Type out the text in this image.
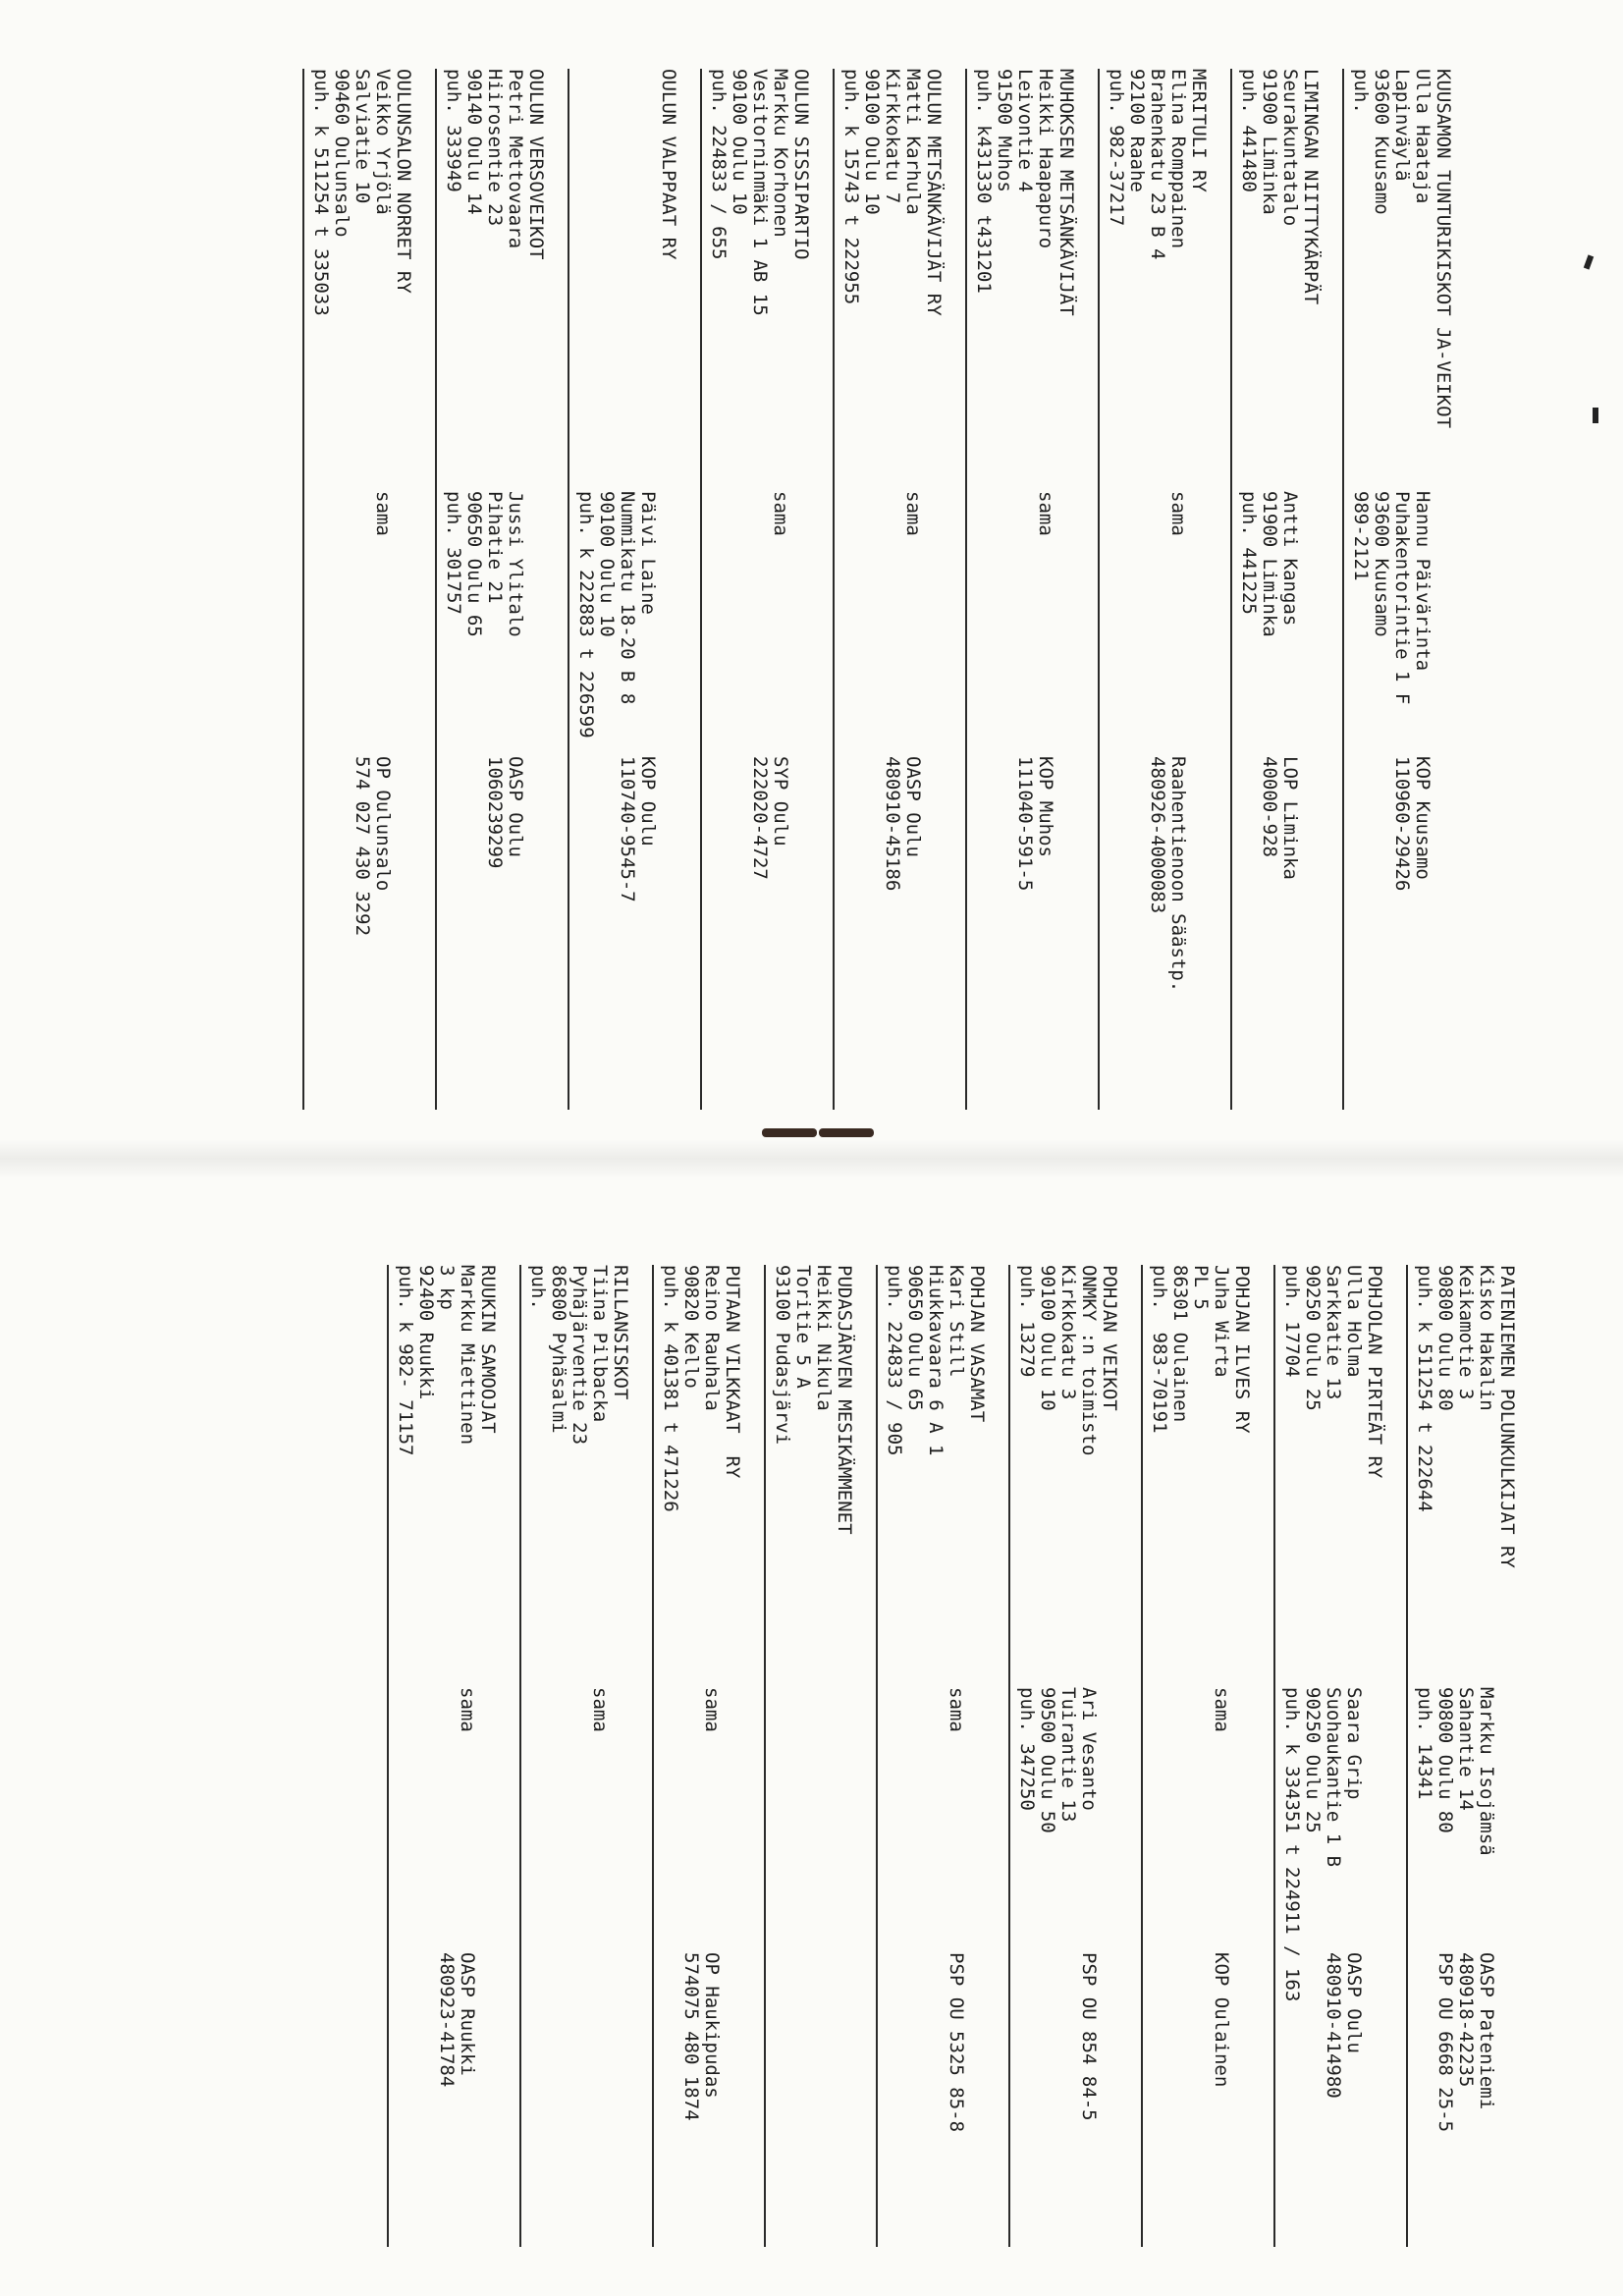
KUUSAMON TUNTURIKISKOT JA-VEIKOT
Ulla Haataja
Lapinväylä
93600 Kuusamo
puh.
Hannu Päivärinta
Puhakentorintie 1 F
93600 Kuusamo
989-2121
KOP Kuusamo
110960-29426
LIMINGAN NIITTYKÄRPÄT
Seurakuntatalo
91900 Liminka
puh. 441480
Antti Kangas
91900 Liminka
puh. 441225
LOP Liminka
40000-928
MERITULI RY
Elina Romppainen
Brahenkatu 23 B 4
92100 Raahe
puh. 982-37217
sama
Raahentienoon Säästp.
480926-4000083
MUHOKSEN METSÄNKÄVIJÄT
Heikki Haapapuro
Leivontie 4
91500 Muhos
puh. k431330 t431201
sama
KOP Muhos
111040-591-5
OULUN METSÄNKÄVIJÄT RY
Matti Karhula
Kirkkokatu 7
90100 Oulu 10
puh. k 15743 t 222955
sama
OASP Oulu
480910-45186
OULUN SISSIPARTIO
Markku Korhonen
Vesitorninmäki 1 AB 15
90100 Oulu 10
puh. 224833 / 655
sama
SYP Oulu
222020-4727
OULUN VALPPAAT RY
Päivi Laine
Nummikatu 18-20 B 8
90100 Oulu 10
puh. k 222883 t 226599
KOP Oulu
110740-9545-7
OULUN VERSOVEIKOT
Petri Mettovaara
Hiirosentie 23
90140 Oulu 14
puh. 333949
Jussi Ylitalo
Pihatie 21
90650 Oulu 65
puh. 301757
OASP Oulu
1060239299
OULUNSALON NORRET RY
Veikko Yrjölä
Salviatie 10
90460 Oulunsalo
puh. k 511254 t 335033
sama
OP Oulunsalo
574 027 430 3292
PATENIEMEN POLUNKULKIJAT RY
Kisko Hakalin
Keikamotie 3
90800 Oulu 80
puh. k 511254 t 222644
Markku Isojämsä
Sahantie 14
90800 Oulu 80
puh. 14341
OASP Pateniemi
480918-42235
PSP OU 6668 25-5
POHJOLAN PIRTEÄT RY
Ulla Holma
Sarkkatie 13
90250 Oulu 25
puh. 17704
Saara Grip
Suohaukantie 1 B
90250 Oulu 25
puh. k 334351 t 224911 / 163	OASP Oulu
480910-414980
POHJAN ILVES RY
Juha Wirta
PL 5
86301 Oulainen
puh.  983-70191
sama
KOP Oulainen
POHJAN VEIKOT
ONMKY :n toimisto
Kirkkokatu 3
90100 Oulu 10
puh. 13279
Ari Vesanto
Tuirantie 13
90500 Oulu 50
puh. 347250
PSP OU 854 84-5
POHJAN VASAMAT
Kari Still
Hiukkavaara 6 A 1
90650 Oulu 65
puh. 224833 / 905
sama
PSP OU 5325 85-8
PUDASJÄRVEN MESIKÄMMENET
Heikki Nikula
Toritie 5 A
93100 Pudasjärvi
PUTAAN VILKKAAT  RY
Reino Rauhala
90820 Kello
puh. k 401381 t 471226
sama
OP Haukipudas
574075 480 1874
RILLANSISKOT
Tiina Pilbacka
Pyhäjärventie 23
86800 Pyhäsalmi
puh.
sama
RUUKIN SAMOOJAT
Markku Miettinen
3 kp
92400 Ruukki
puh. k 982- 71157
sama
OASP Ruukki
480923-41784
